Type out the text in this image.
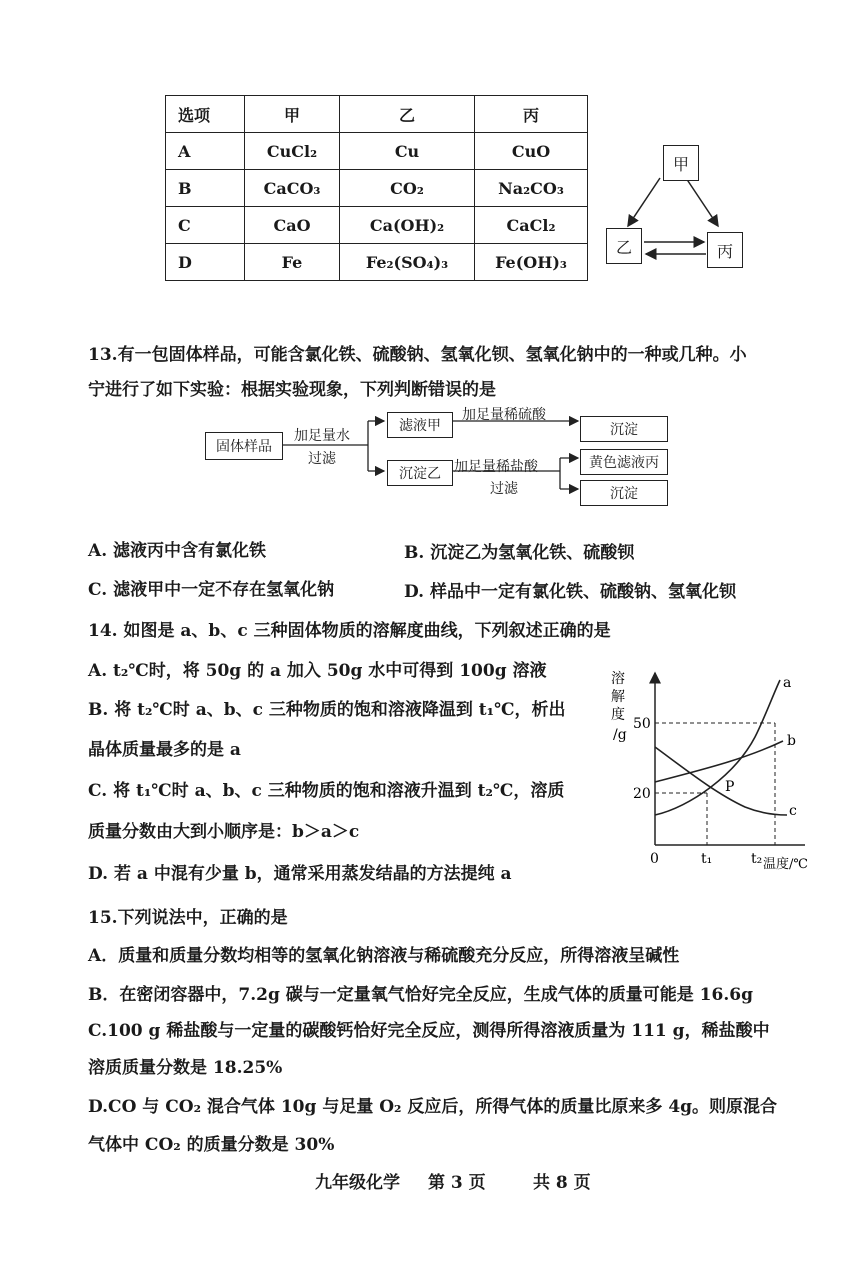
选项	甲	乙	丙
A	CuCl₂	Cu	CuO
B	CaCO₃	CO₂	Na₂CO₃
C	CaO	Ca(OH)₂	CaCl₂
D	Fe	Fe₂(SO₄)₃	Fe(OH)₃
甲
乙	丙
13.有一包固体样品，可能含氯化铁、硫酸钠、氢氧化钡、氢氧化钠中的一种或几种。小
宁进行了如下实验：根据实验现象，下列判断错误的是
固体样品
加足量水
过滤
滤液甲
加足量稀硫酸
沉淀
沉淀乙 加足量稀盐酸
过滤
黄色滤液丙
沉淀
A. 滤液丙中含有氯化铁	B. 沉淀乙为氢氧化铁、硫酸钡
C. 滤液甲中一定不存在氢氧化钠	D. 样品中一定有氯化铁、硫酸钠、氢氧化钡
14. 如图是 a、b、c 三种固体物质的溶解度曲线，下列叙述正确的是
A. t₂℃时，将 50g 的 a 加入 50g 水中可得到 100g 溶液
B. 将 t₂℃时 a、b、c 三种物质的饱和溶液降温到 t₁℃，析出
晶体质量最多的是 a
C. 将 t₁℃时 a、b、c 三种物质的饱和溶液升温到 t₂℃，溶质
质量分数由大到小顺序是：b＞a＞c
D. 若 a 中混有少量 b，通常采用蒸发结晶的方法提纯 a
溶
解
度
/g
50
20
0	t₁	t₂ 温度/℃
a
b
c
P
15.下列说法中，正确的是
A．质量和质量分数均相等的氢氧化钠溶液与稀硫酸充分反应，所得溶液呈碱性
B．在密闭容器中，7.2g 碳与一定量氧气恰好完全反应，生成气体的质量可能是 16.6g
C.100 g 稀盐酸与一定量的碳酸钙恰好完全反应，测得所得溶液质量为 111 g，稀盐酸中
溶质质量分数是 18.25%
D.CO 与 CO₂ 混合气体 10g 与足量 O₂ 反应后，所得气体的质量比原来多 4g。则原混合
气体中 CO₂ 的质量分数是 30%
九年级化学 第 3 页	共 8 页
